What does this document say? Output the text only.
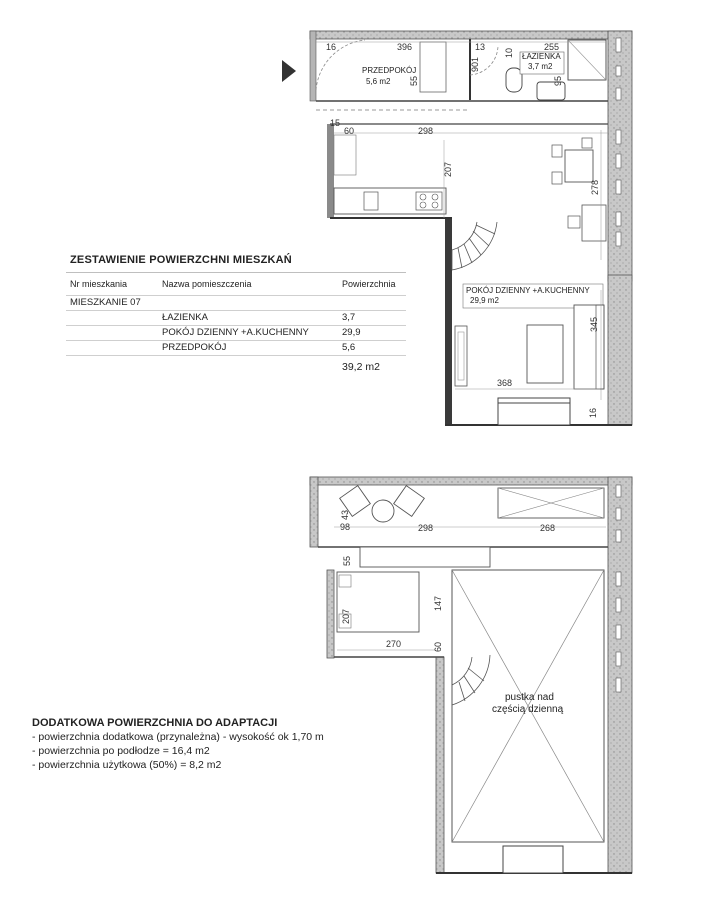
PRZEDPOKÓJ
5,6 m2
ŁAZIENKA
3,7 m2
POKÓJ DZIENNY +A.KUCHENNY
29,9 m2
16	396	13
10
255
901
55	95
15
60	298
207
278
345
368
16
pustka nad
częścią dzienną
98
43
298	268
55
147
207
270	60
ZESTAWIENIE POWIERZCHNI MIESZKAŃ
Nr mieszkania	Nazwa pomieszczenia	Powierzchnia
MIESZKANIE 07
ŁAZIENKA	3,7
POKÓJ DZIENNY +A.KUCHENNY	29,9
PRZEDPOKÓJ	5,6
39,2 m2
DODATKOWA POWIERZCHNIA DO ADAPTACJI
- powierzchnia dodatkowa (przynależna) - wysokość ok 1,70 m
- powierzchnia po podłodze = 16,4 m2
- powierzchnia użytkowa (50%) = 8,2 m2
